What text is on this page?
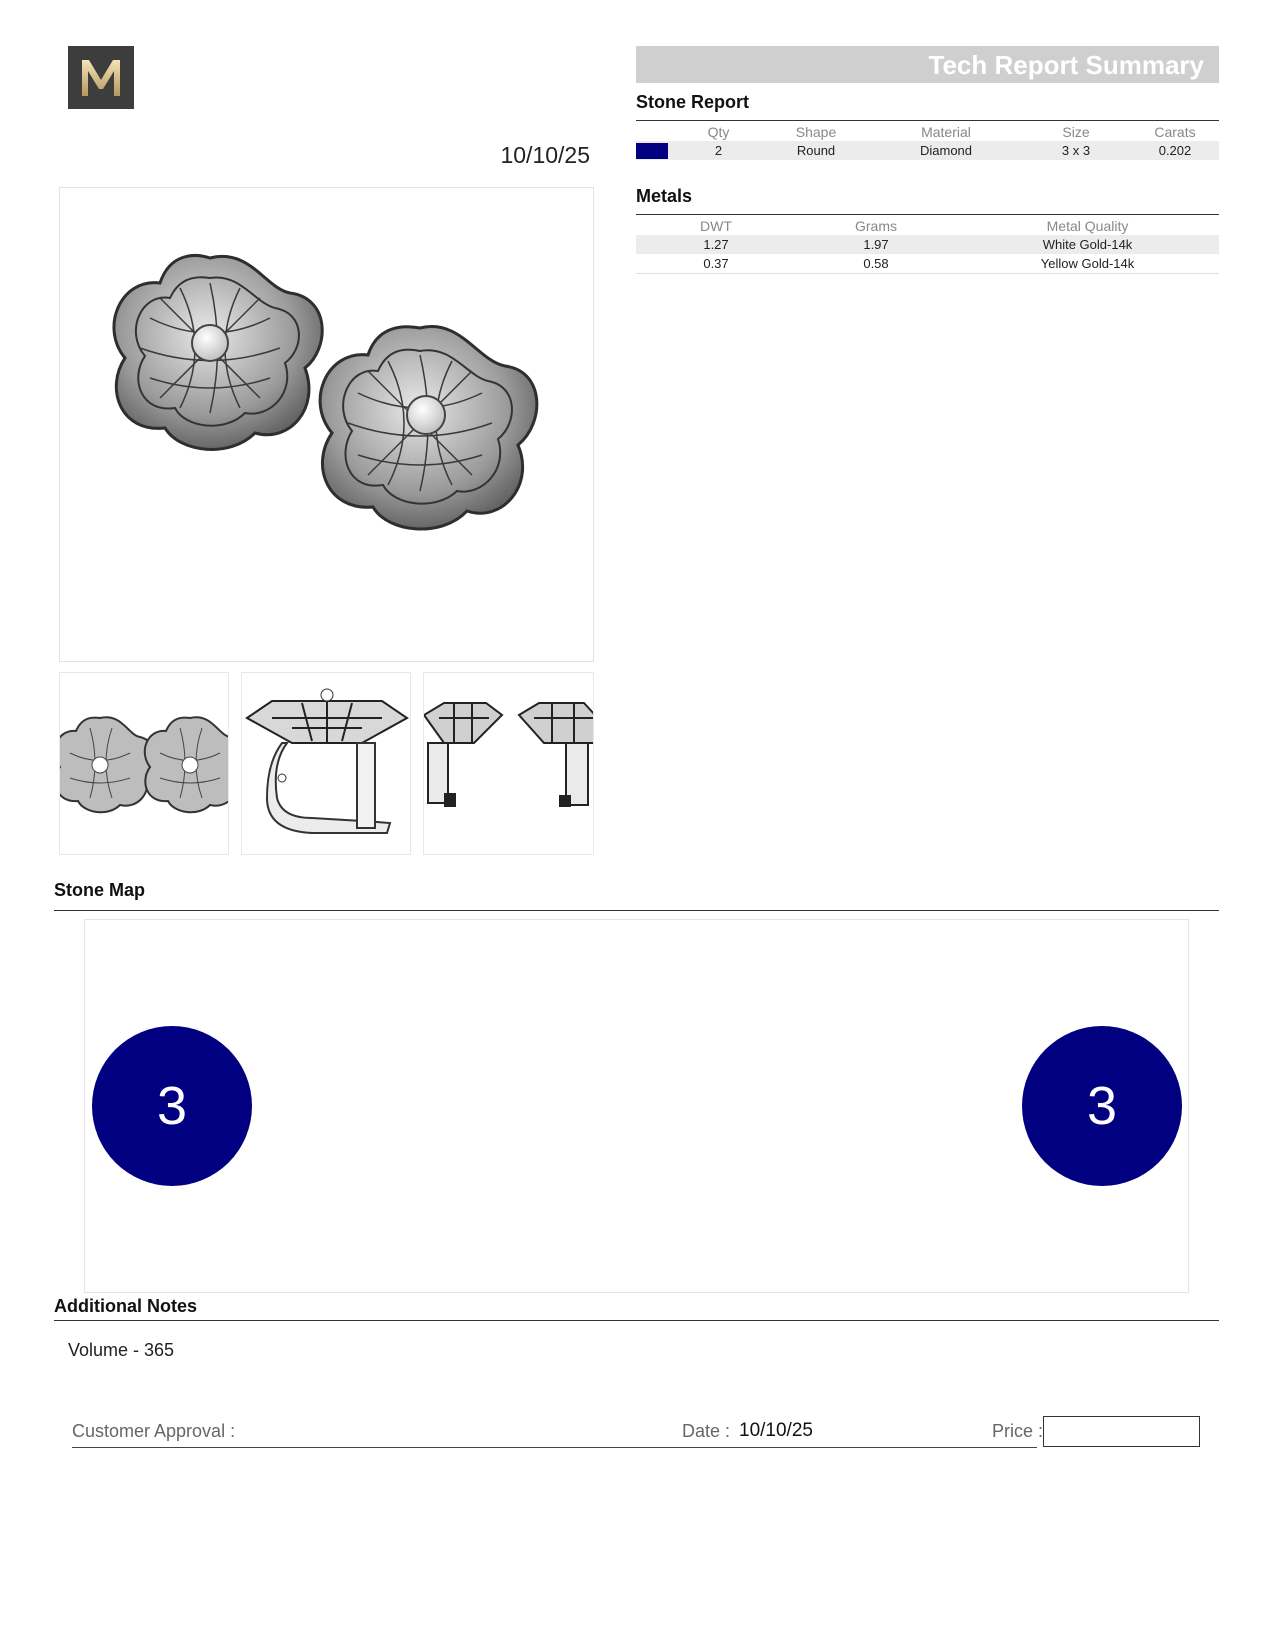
10/10/25
Tech Report Summary
Stone Report
	Qty	Shape	Material	Size	Carats
	2	Round	Diamond	3 x 3	0.202
Metals
DWT	Grams	Metal Quality
1.27	1.97	White Gold-14k
0.37	0.58	Yellow Gold-14k
Stone Map
3	3
Additional Notes
Volume - 365
Customer Approval :	Date : 10/10/25	Price :
